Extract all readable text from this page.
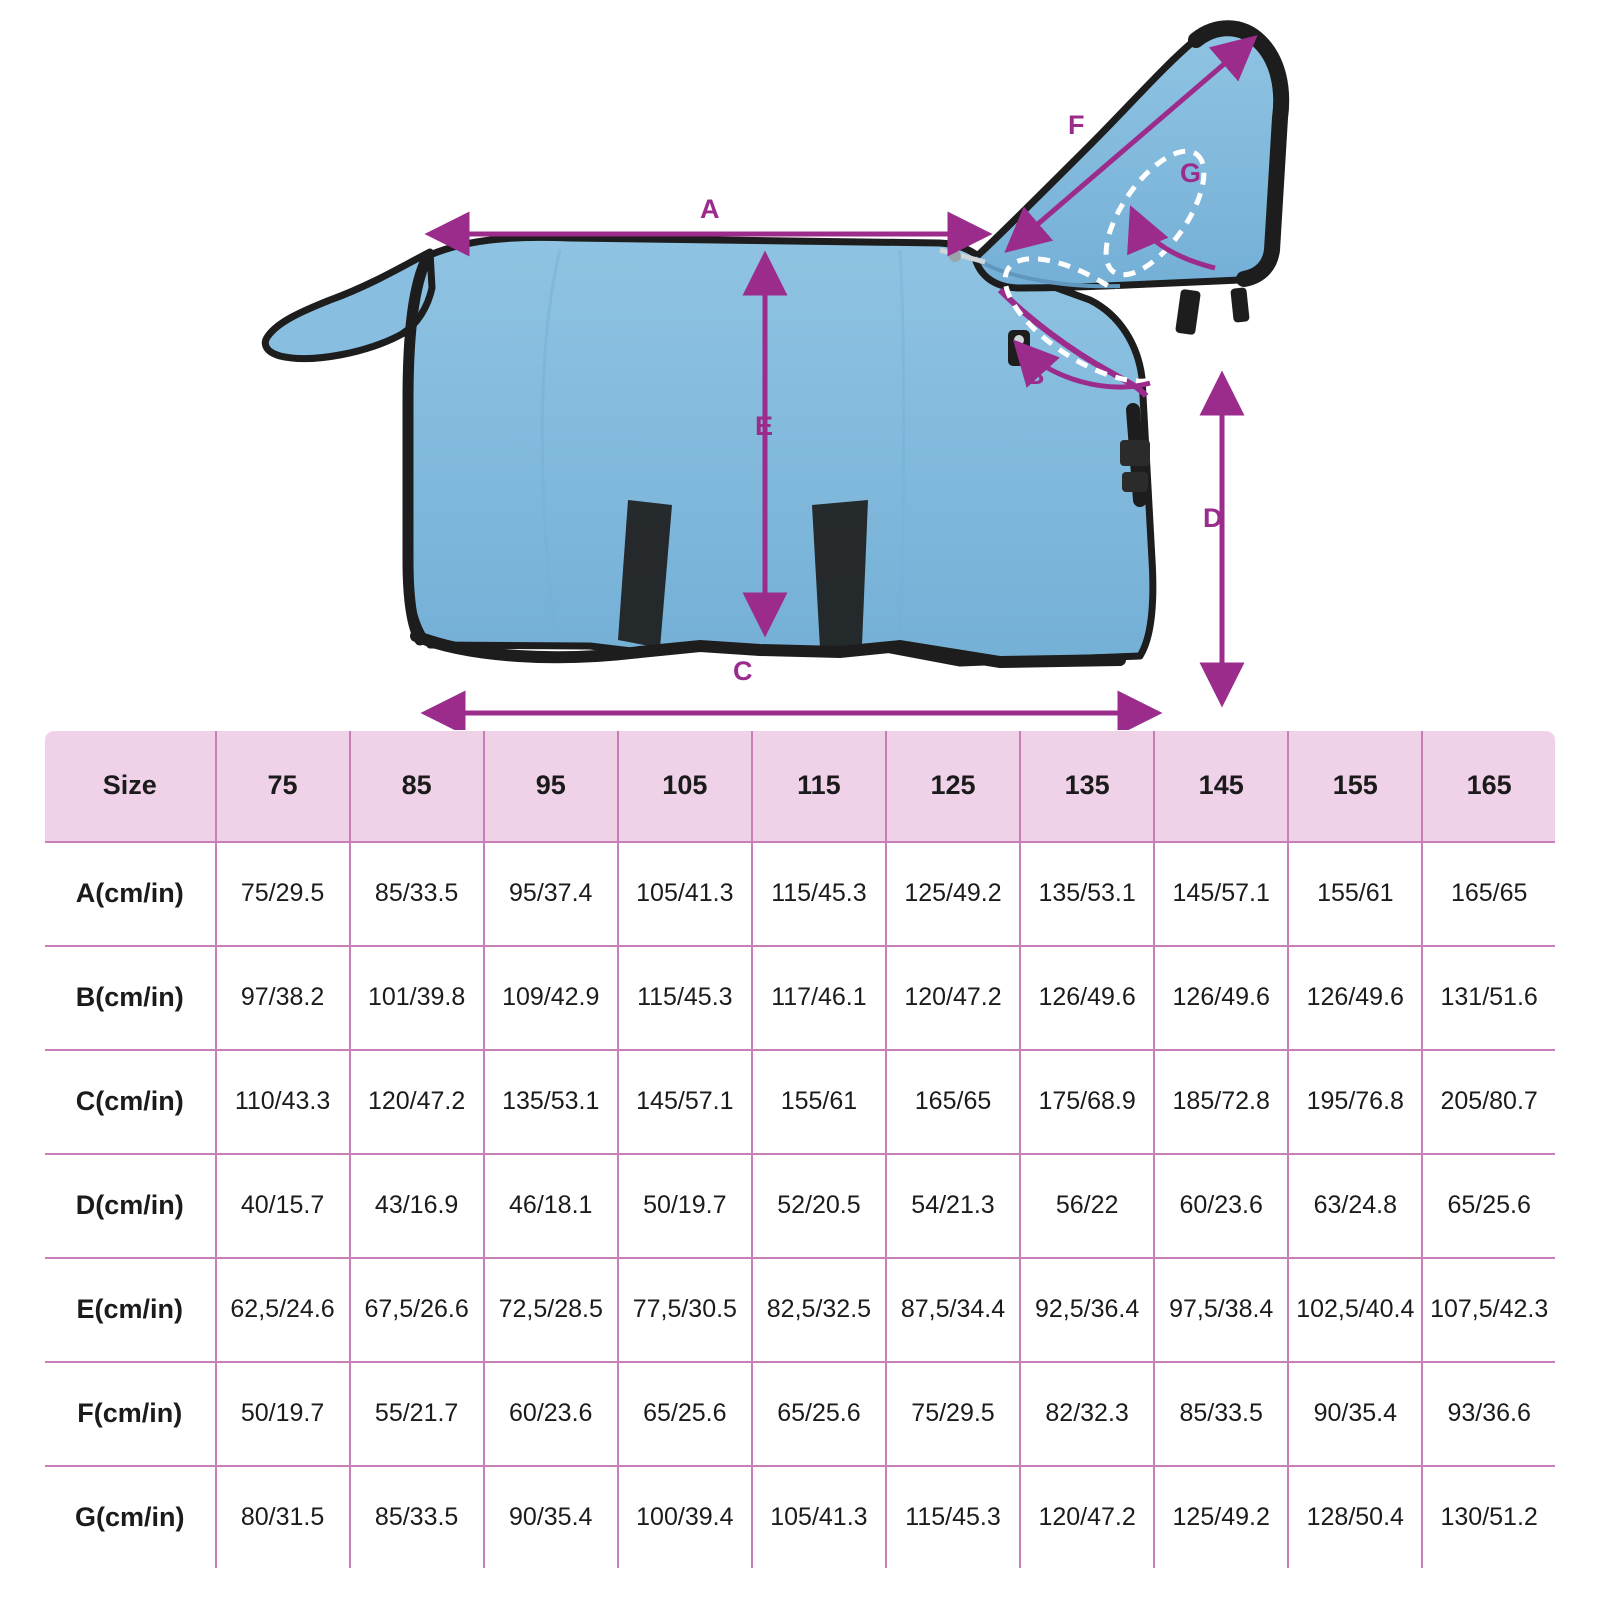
A
B
C
D
E
F
G
Size	75	85	95	105	115	125	135	145	155	165
A(cm/in)	75/29.5	85/33.5	95/37.4	105/41.3	115/45.3	125/49.2	135/53.1	145/57.1	155/61	165/65
B(cm/in)	97/38.2	101/39.8	109/42.9	115/45.3	117/46.1	120/47.2	126/49.6	126/49.6	126/49.6	131/51.6
C(cm/in)	110/43.3	120/47.2	135/53.1	145/57.1	155/61	165/65	175/68.9	185/72.8	195/76.8	205/80.7
D(cm/in)	40/15.7	43/16.9	46/18.1	50/19.7	52/20.5	54/21.3	56/22	60/23.6	63/24.8	65/25.6
E(cm/in)	62,5/24.6	67,5/26.6	72,5/28.5	77,5/30.5	82,5/32.5	87,5/34.4	92,5/36.4	97,5/38.4	102,5/40.4	107,5/42.3
F(cm/in)	50/19.7	55/21.7	60/23.6	65/25.6	65/25.6	75/29.5	82/32.3	85/33.5	90/35.4	93/36.6
G(cm/in)	80/31.5	85/33.5	90/35.4	100/39.4	105/41.3	115/45.3	120/47.2	125/49.2	128/50.4	130/51.2
